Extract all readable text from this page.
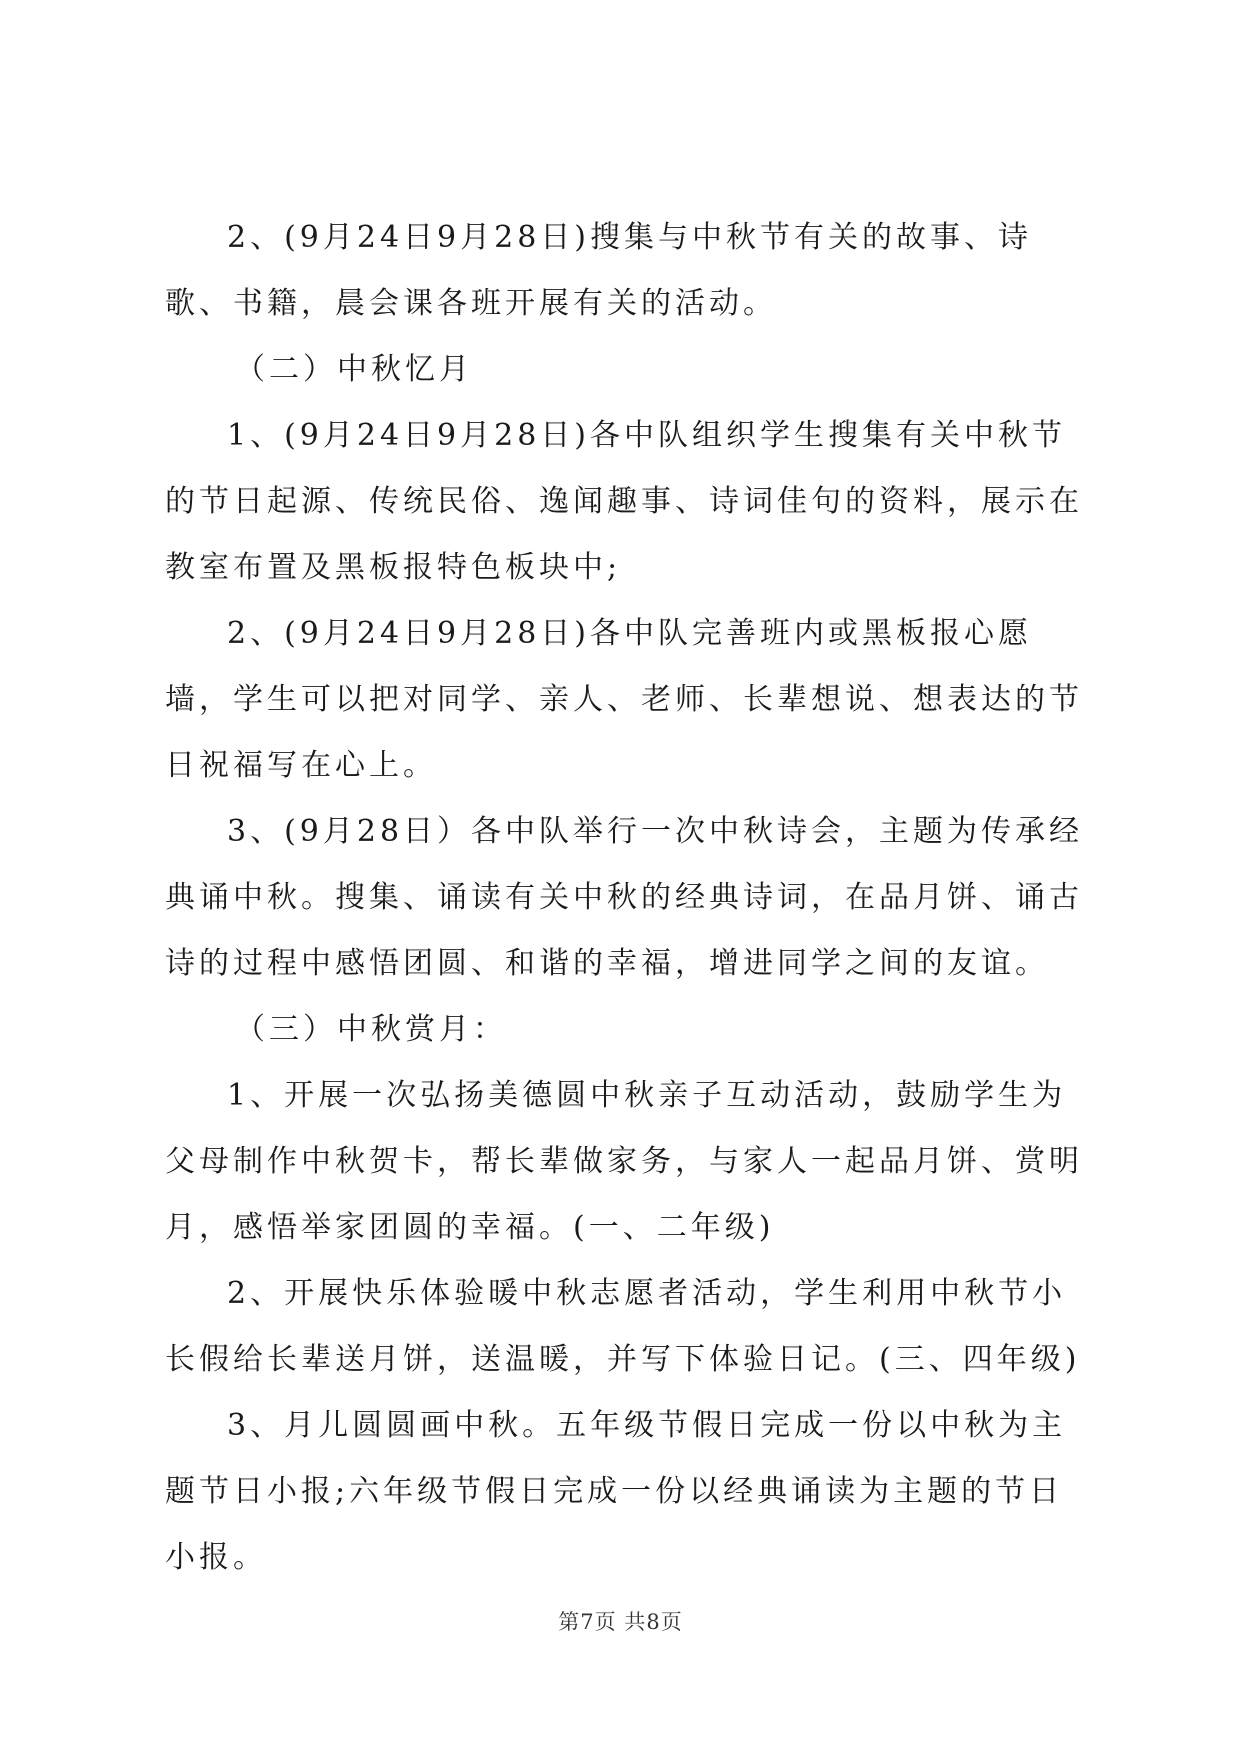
2、(9月24日9月28日)搜集与中秋节有关的故事、诗歌、书籍，晨会课各班开展有关的活动。

（二）中秋忆月

1、(9月24日9月28日)各中队组织学生搜集有关中秋节的节日起源、传统民俗、逸闻趣事、诗词佳句的资料，展示在教室布置及黑板报特色板块中;

2、(9月24日9月28日)各中队完善班内或黑板报心愿墙，学生可以把对同学、亲人、老师、长辈想说、想表达的节日祝福写在心上。

3、(9月28日）各中队举行一次中秋诗会，主题为传承经典诵中秋。搜集、诵读有关中秋的经典诗词，在品月饼、诵古诗的过程中感悟团圆、和谐的幸福，增进同学之间的友谊。

（三）中秋赏月：

1、开展一次弘扬美德圆中秋亲子互动活动，鼓励学生为父母制作中秋贺卡，帮长辈做家务，与家人一起品月饼、赏明月，感悟举家团圆的幸福。(一、二年级)

2、开展快乐体验暖中秋志愿者活动，学生利用中秋节小长假给长辈送月饼，送温暖，并写下体验日记。(三、四年级)

3、月儿圆圆画中秋。五年级节假日完成一份以中秋为主题节日小报;六年级节假日完成一份以经典诵读为主题的节日小报。

第7页 共8页
